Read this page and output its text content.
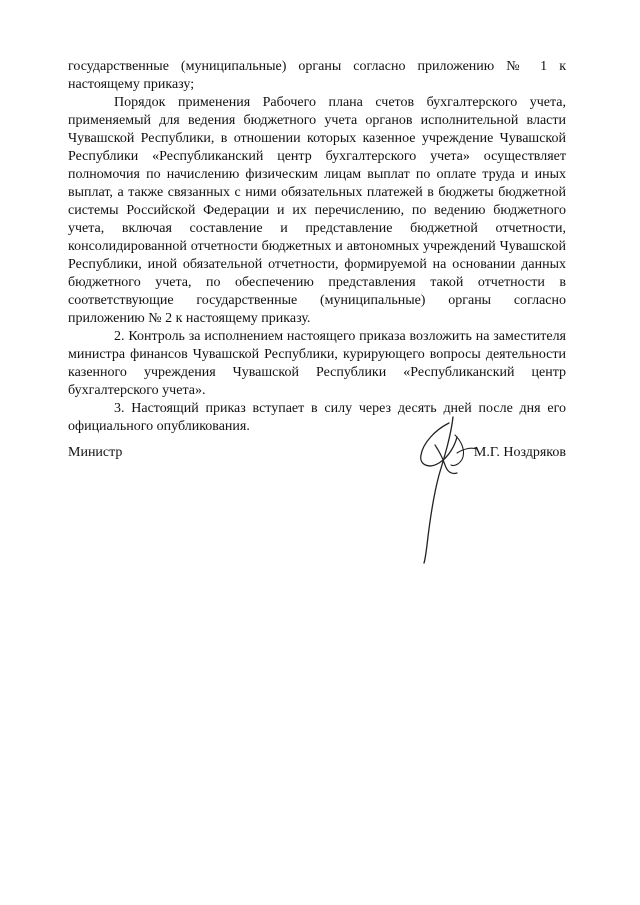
государственные (муниципальные) органы согласно приложению № 1 к настоящему приказу;

Порядок применения Рабочего плана счетов бухгалтерского учета, применяемый для ведения бюджетного учета органов исполнительной власти Чувашской Республики, в отношении которых казенное учреждение Чувашской Республики «Республиканский центр бухгалтерского учета» осуществляет полномочия по начислению физическим лицам выплат по оплате труда и иных выплат, а также связанных с ними обязательных платежей в бюджеты бюджетной системы Российской Федерации и их перечислению, по ведению бюджетного учета, включая составление и представление бюджетной отчетности, консолидированной отчетности бюджетных и автономных учреждений Чувашской Республики, иной обязательной отчетности, формируемой на основании данных бюджетного учета, по обеспечению представления такой отчетности в соответствующие государственные (муниципальные) органы согласно приложению № 2 к настоящему приказу.

2. Контроль за исполнением настоящего приказа возложить на заместителя министра финансов Чувашской Республики, курирующего вопросы деятельности казенного учреждения Чувашской Республики «Республиканский центр бухгалтерского учета».

3. Настоящий приказ вступает в силу через десять дней после дня его официального опубликования.

Министр	М.Г. Ноздряков
